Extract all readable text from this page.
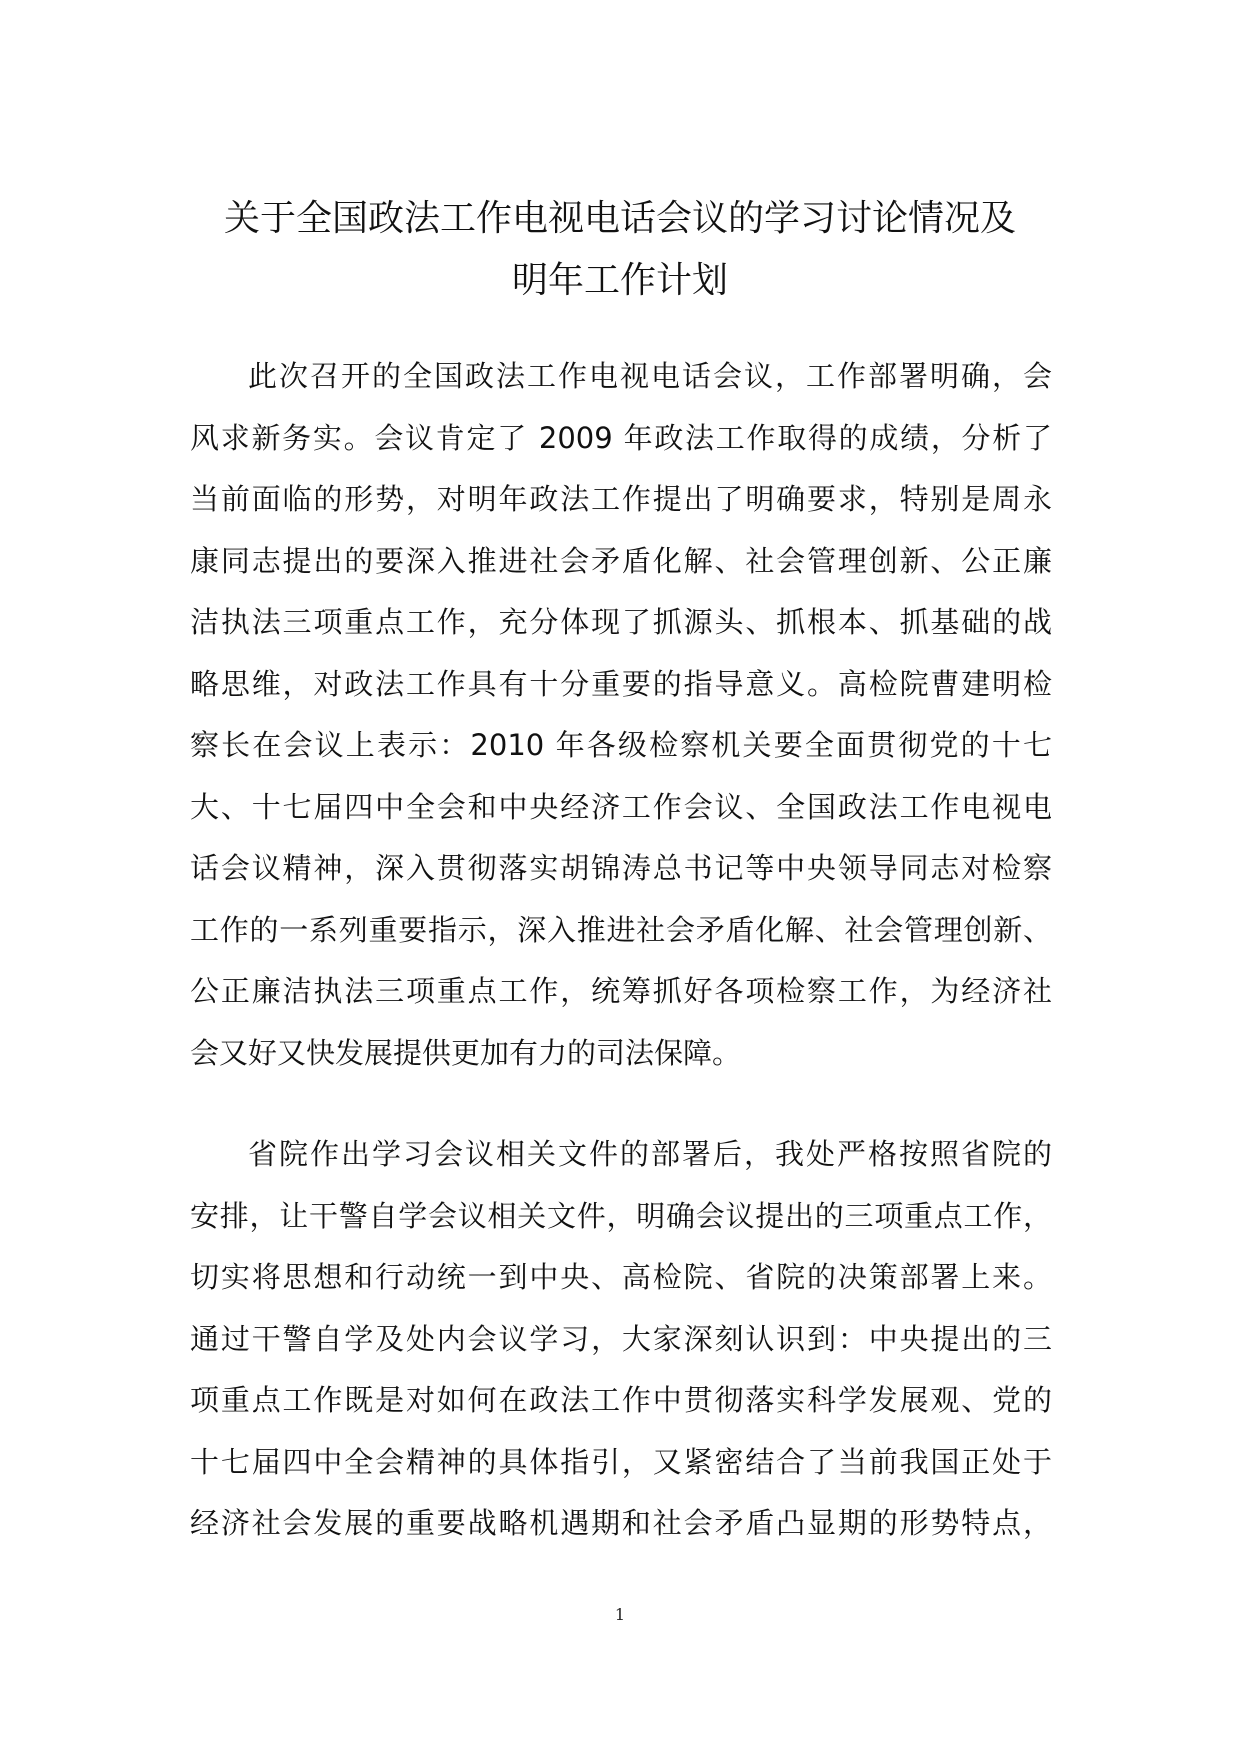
关于全国政法工作电视电话会议的学习讨论情况及
明年工作计划
此次召开的全国政法工作电视电话会议，工作部署明确，会
风求新务实。会议肯定了 2009 年政法工作取得的成绩，分析了
当前面临的形势，对明年政法工作提出了明确要求，特别是周永
康同志提出的要深入推进社会矛盾化解、社会管理创新、公正廉
洁执法三项重点工作，充分体现了抓源头、抓根本、抓基础的战
略思维，对政法工作具有十分重要的指导意义。高检院曹建明检
察长在会议上表示：2010 年各级检察机关要全面贯彻党的十七
大、十七届四中全会和中央经济工作会议、全国政法工作电视电
话会议精神，深入贯彻落实胡锦涛总书记等中央领导同志对检察
工作的一系列重要指示，深入推进社会矛盾化解、社会管理创新、
公正廉洁执法三项重点工作，统筹抓好各项检察工作，为经济社
会又好又快发展提供更加有力的司法保障。
省院作出学习会议相关文件的部署后，我处严格按照省院的
安排，让干警自学会议相关文件，明确会议提出的三项重点工作，
切实将思想和行动统一到中央、高检院、省院的决策部署上来。
通过干警自学及处内会议学习，大家深刻认识到：中央提出的三
项重点工作既是对如何在政法工作中贯彻落实科学发展观、党的
十七届四中全会精神的具体指引，又紧密结合了当前我国正处于
经济社会发展的重要战略机遇期和社会矛盾凸显期的形势特点，
1
